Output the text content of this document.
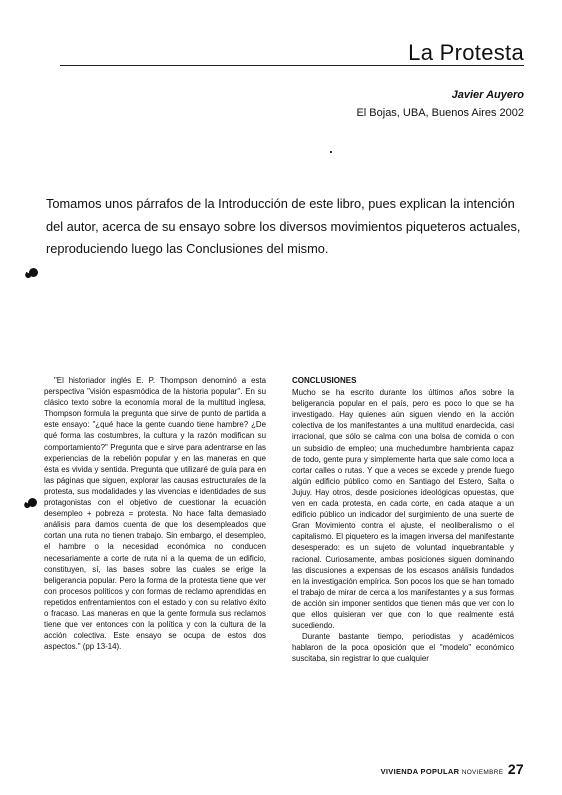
La Protesta
Javier Auyero
El Bojas, UBA, Buenos Aires 2002
Tomamos unos párrafos de la Introducción de este libro, pues explican la intención del autor, acerca de su ensayo sobre los diversos movimientos piqueteros actuales, reproduciendo luego las Conclusiones del mismo.

"El historiador inglés E. P. Thompson denominó a esta perspectiva "visión espasmódica de la historia popular". En su clásico texto sobre la economía moral de la multitud inglesa, Thompson formula la pregunta que sirve de punto de partida a este ensayo: "¿qué hace la gente cuando tiene hambre? ¿De qué forma las costumbres, la cultura y la razón modifican su comportamiento?" Pregunta que e sirve para adentrarse en las experiencias de la rebelión popular y en las maneras en que ésta es vivida y sentida. Pregunta que utilizaré de guía para en las páginas que siguen, explorar las causas estructurales de la protesta, sus modalidades y las vivencias e identidades de sus protagonistas con el objetivo de cuestionar la ecuación desempleo + pobreza = protesta. No hace falta demasiado análisis para damos cuenta de que los desempleados que cortan una ruta no tienen trabajo. Sin embargo, el desempleo, el hambre o la necesidad económica no conducen necesariamente a corte de ruta ni a la quema de un edificio, constituyen, sí, las bases sobre las cuales se erige la beligerancia popular. Pero la forma de la protesta tiene que ver con procesos políticos y con formas de reclamo aprendidas en repetidos enfrentamientos con el estado y con su relativo éxito o fracaso. Las maneras en que la gente formula sus reclamos tiene que ver entonces con la política y con la cultura de la acción colectiva. Este ensayo se ocupa de estos dos aspectos." (pp 13-14).

CONCLUSIONES

Mucho se ha escrito durante los últimos años sobre la beligerancia popular en el país, pero es poco lo que se ha investigado. Hay quienes aún siguen viendo en la acción colectiva de los manifestantes a una multitud enardecida, casi irracional, que sólo se calma con una bolsa de comida o con un subsidio de empleo; una muchedumbre hambrienta capaz de todo, gente pura y simplemente harta que sale como loca a cortar calles o rutas. Y que a veces se excede y prende fuego algún edificio público como en Santiago del Estero, Salta o Jujuy. Hay otros, desde posiciones ideológicas opuestas, que ven en cada protesta, en cada corte, en cada ataque a un edificio público un indicador del surgimiento de una suerte de Gran Movimiento contra el ajuste, el neoliberalismo o el capitalismo. El piquetero es la imagen inversa del manifestante desesperado: es un sujeto de voluntad inquebrantable y racional. Curiosamente, ambas posiciones siguen dominando las discusiones a expensas de los escasos análisis fundados en la investigación empírica. Son pocos los que se han tomado el trabajo de mirar de cerca a los manifestantes y a sus formas de acción sin imponer sentidos que tienen más que ver con lo que ellos quisieran ver que con lo que realmente está sucediendo.

Durante bastante tiempo, periodistas y académicos hablaron de la poca oposición que el "modelo" económico suscitaba, sin registrar lo que cualquier

VIVIENDA POPULAR NOVIEMBRE 27
